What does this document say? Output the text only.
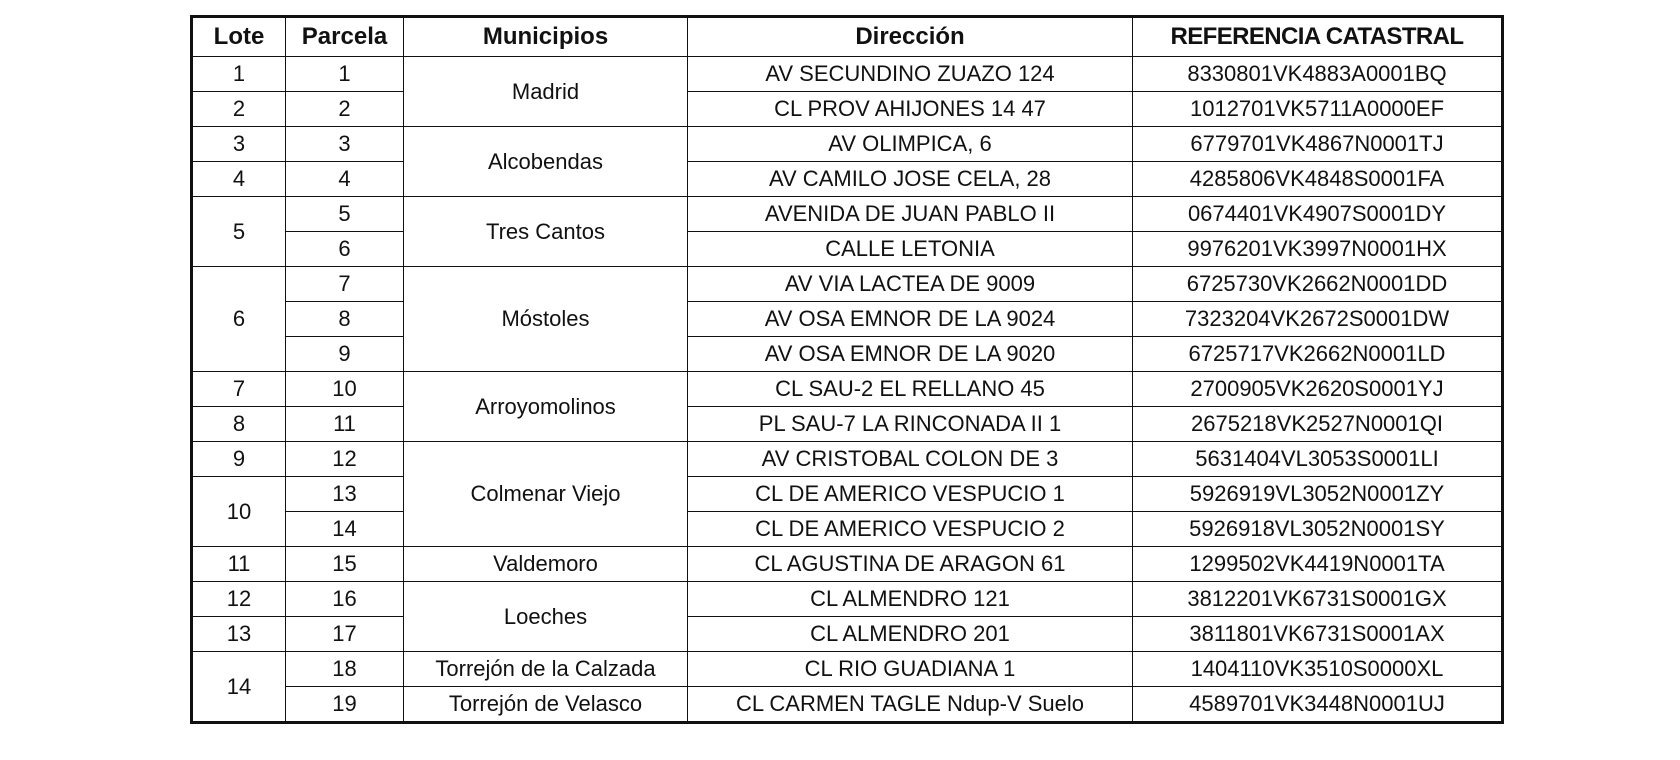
Lote	Parcela	Municipios	Dirección	REFERENCIA CATASTRAL
1	1	Madrid	AV SECUNDINO ZUAZO 124	8330801VK4883A0001BQ
2	2		CL PROV AHIJONES 14 47	1012701VK5711A0000EF
3	3	Alcobendas	AV OLIMPICA, 6	6779701VK4867N0001TJ
4	4		AV CAMILO JOSE CELA, 28	4285806VK4848S0001FA
5	5	Tres Cantos	AVENIDA DE JUAN PABLO II	0674401VK4907S0001DY
	6		CALLE LETONIA	9976201VK3997N0001HX
6	7	Móstoles	AV VIA LACTEA DE 9009	6725730VK2662N0001DD
	8		AV OSA EMNOR DE LA 9024	7323204VK2672S0001DW
	9		AV OSA EMNOR DE LA 9020	6725717VK2662N0001LD
7	10	Arroyomolinos	CL SAU-2 EL RELLANO 45	2700905VK2620S0001YJ
8	11		PL SAU-7 LA RINCONADA II 1	2675218VK2527N0001QI
9	12	Colmenar Viejo	AV CRISTOBAL COLON DE 3	5631404VL3053S0001LI
10	13		CL DE AMERICO VESPUCIO 1	5926919VL3052N0001ZY
	14		CL DE AMERICO VESPUCIO 2	5926918VL3052N0001SY
11	15	Valdemoro	CL AGUSTINA DE ARAGON 61	1299502VK4419N0001TA
12	16	Loeches	CL ALMENDRO 121	3812201VK6731S0001GX
13	17		CL ALMENDRO 201	3811801VK6731S0001AX
14	18	Torrejón de la Calzada	CL RIO GUADIANA 1	1404110VK3510S0000XL
	19	Torrejón de Velasco	CL CARMEN TAGLE Ndup-V Suelo	4589701VK3448N0001UJ
